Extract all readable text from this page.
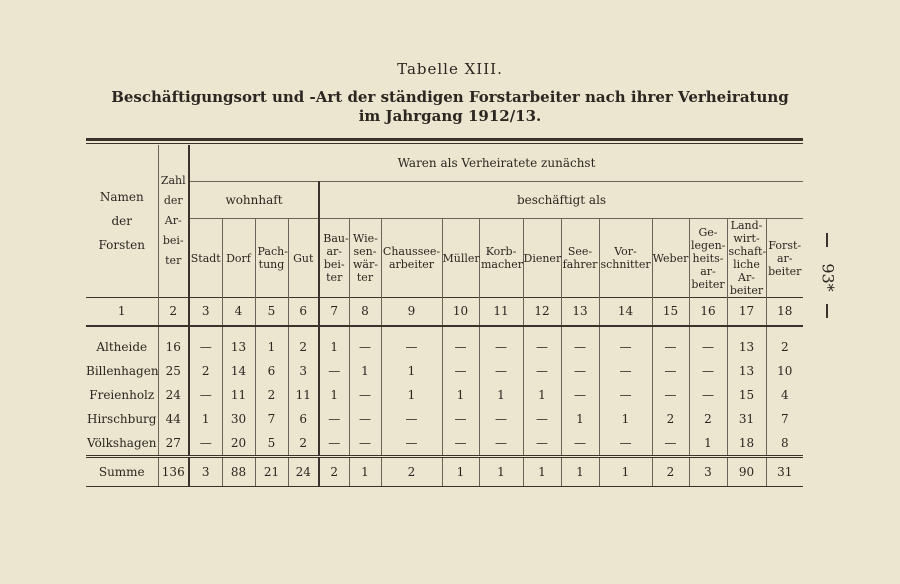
Tabelle XIII.
Beschäftigungsort und -Art der ständigen Forstarbeiter nach ihrer Verheiratung
im Jahrgang 1912/13.
Namen der Forsten	Zahl der Ar- bei- ter	Waren als Verheiratete zunächst															
		wohnhaft				beschäftigt als											
		Stadt	Dorf	Pach- tung	Gut	Bau- ar- bei- ter	Wie- sen- wär- ter	Chaussee- arbeiter	Müller	Korb- macher	Diener	See- fahrer	Vor- schnitter	Weber	Ge- legen- heits- ar- beiter	Land- wirt- schaft- liche Ar- beiter	Forst- ar- beiter

1	2	3	4	5	6	7	8	9	10	11	12	13	14	15	16	17	18

Altheide	16	—	13	1	2	1	—	—	—	—	—	—	—	—	—	13	2
Billenhagen	25	2	14	6	3	—	1	1	—	—	—	—	—	—	—	13	10
Freienholz	24	—	11	2	11	1	—	1	1	1	1	—	—	—	—	15	4
Hirschburg	44	1	30	7	6	—	—	—	—	—	—	1	1	2	2	31	7
Völkshagen	27	—	20	5	2	—	—	—	—	—	—	—	—	—	1	18	8
Summe	136	3	88	21	24	2	1	2	1	1	1	1	1	2	3	90	31
93*
